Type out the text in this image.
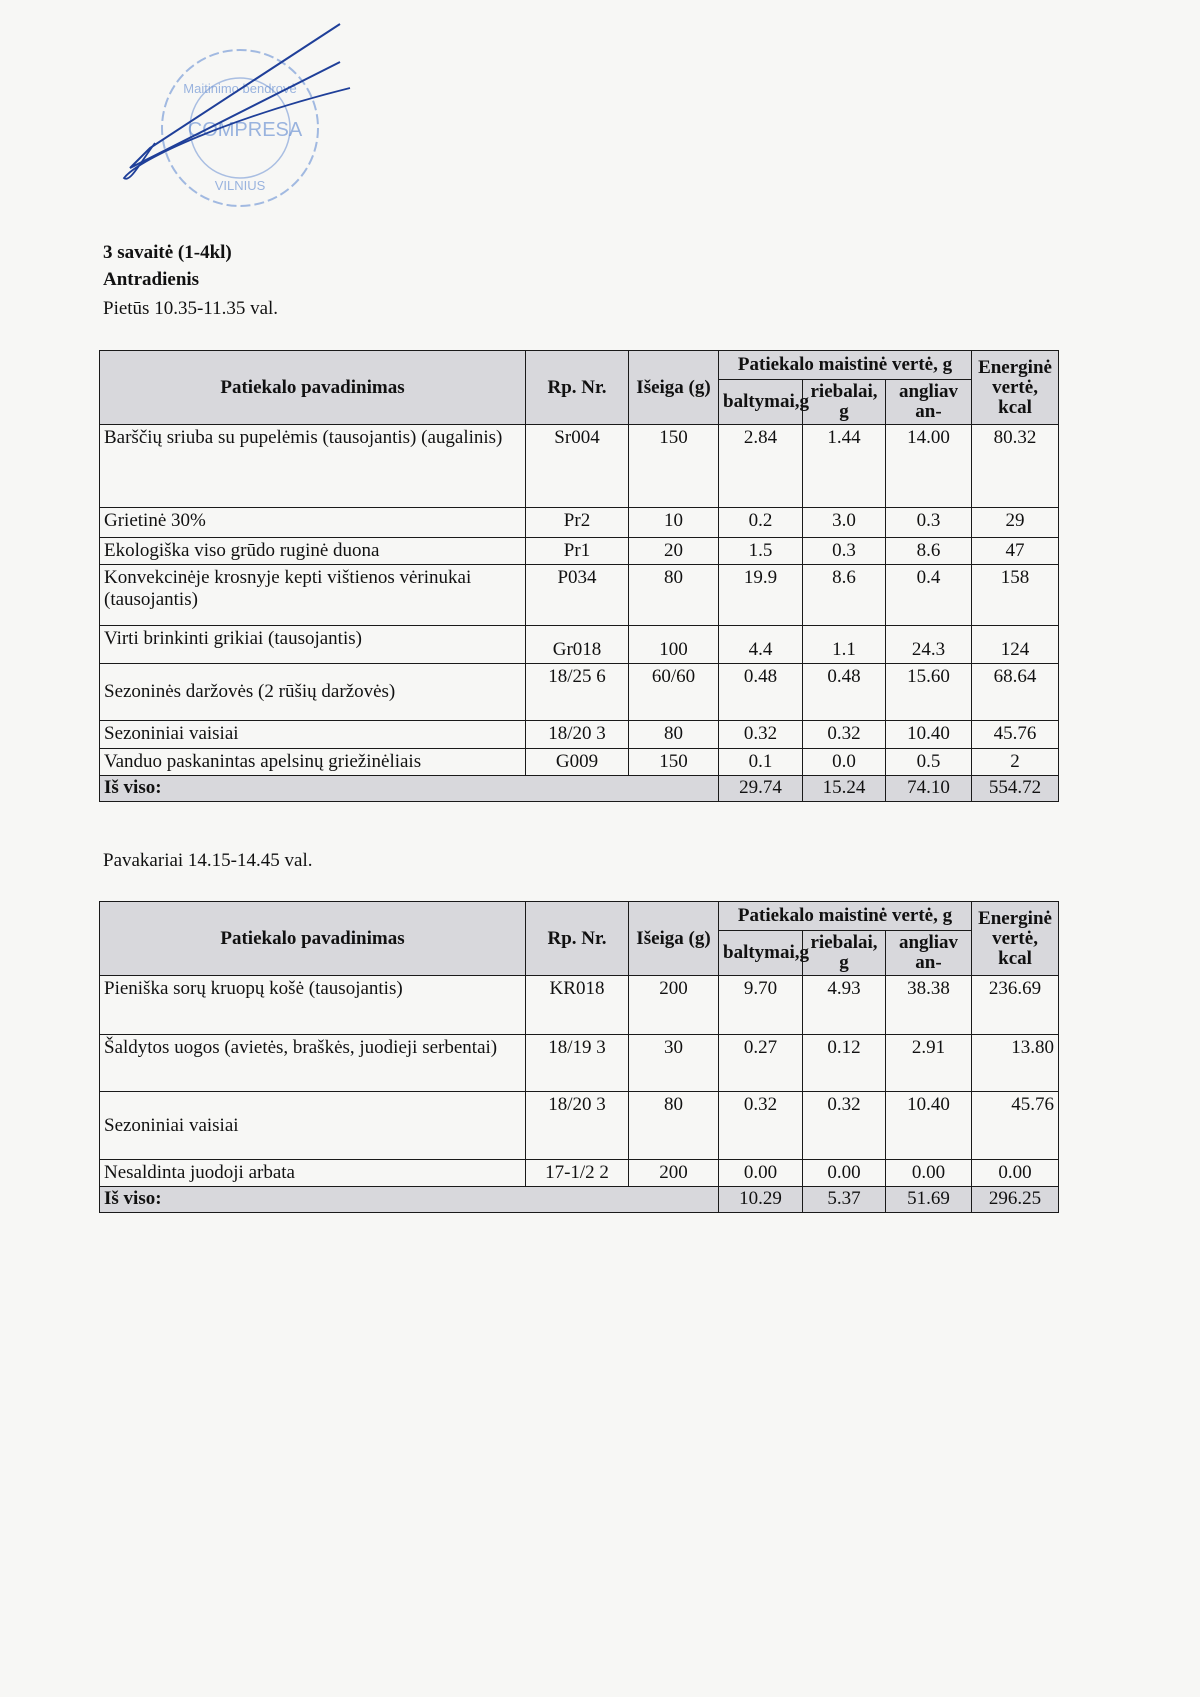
Maitinimo bendrovė
COMPRESA
VILNIUS
3 savaitė (1-4kl)
Antradienis
Pietūs 10.35-11.35 val.
Patiekalo pavadinimas	Rp. Nr.	Išeiga (g)	Patiekalo maistinė vertė, g			Energinė vertė, kcal
			baltymai,g	riebalai, g	angliav an-	
Barščių sriuba su pupelėmis (tausojantis) (augalinis)	Sr004	150	2.84	1.44	14.00	80.32
Grietinė 30%	Pr2	10	0.2	3.0	0.3	29
Ekologiška viso grūdo ruginė duona	Pr1	20	1.5	0.3	8.6	47
Konvekcinėje krosnyje kepti vištienos vėrinukai (tausojantis)	P034	80	19.9	8.6	0.4	158
Virti brinkinti grikiai (tausojantis)	Gr018	100	4.4	1.1	24.3	124
Sezoninės daržovės (2 rūšių daržovės)	18/25 6	60/60	0.48	0.48	15.60	68.64
Sezoniniai vaisiai	18/20 3	80	0.32	0.32	10.40	45.76
Vanduo paskanintas apelsinų griežinėliais	G009	150	0.1	0.0	0.5	2
Iš viso:			29.74	15.24	74.10	554.72
Pavakariai 14.15-14.45 val.
Patiekalo pavadinimas	Rp. Nr.	Išeiga (g)	Patiekalo maistinė vertė, g			Energinė vertė, kcal
			baltymai,g	riebalai, g	angliav an-	
Pieniška sorų kruopų košė (tausojantis)	KR018	200	9.70	4.93	38.38	236.69
Šaldytos uogos (avietės, braškės, juodieji serbentai)	18/19 3	30	0.27	0.12	2.91	13.80
Sezoniniai vaisiai	18/20 3	80	0.32	0.32	10.40	45.76
Nesaldinta juodoji arbata	17-1/2 2	200	0.00	0.00	0.00	0.00
Iš viso:			10.29	5.37	51.69	296.25
